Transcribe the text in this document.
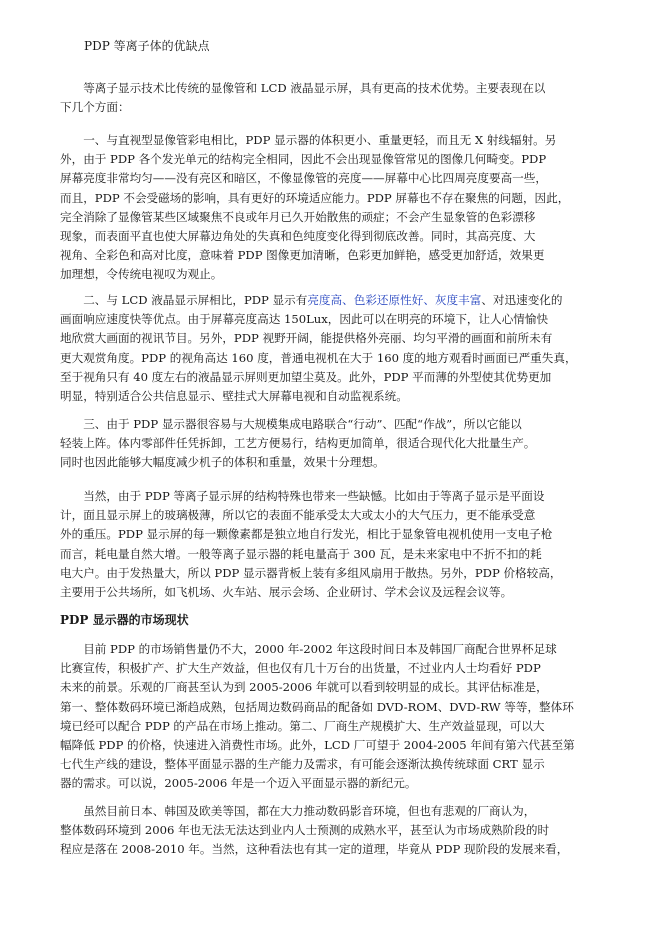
PDP 等离子体的优缺点
　　等离子显示技术比传统的显像管和 LCD 液晶显示屏，具有更高的技术优势。主要表现在以
下几个方面：
　　一、与直视型显像管彩电相比，PDP 显示器的体积更小、重量更轻，而且无 X 射线辐射。另
外，由于 PDP 各个发光单元的结构完全相同，因此不会出现显像管常见的图像几何畸变。PDP
屏幕亮度非常均匀——没有亮区和暗区，不像显像管的亮度——屏幕中心比四周亮度要高一些，
而且，PDP 不会受磁场的影响，具有更好的环境适应能力。PDP 屏幕也不存在聚焦的问题，因此，
完全消除了显像管某些区域聚焦不良或年月已久开始散焦的顽症；不会产生显象管的色彩漂移
现象，而表面平直也使大屏幕边角处的失真和色纯度变化得到彻底改善。同时，其高亮度、大
视角、全彩色和高对比度，意味着 PDP 图像更加清晰，色彩更加鲜艳，感受更加舒适，效果更
加理想，令传统电视叹为观止。
　　二、与 LCD 液晶显示屏相比，PDP 显示有亮度高、色彩还原性好、灰度丰富、对迅速变化的
画面响应速度快等优点。由于屏幕亮度高达 150Lux，因此可以在明亮的环境下，让人心情愉快
地欣赏大画面的视讯节目。另外，PDP 视野开阔，能提供格外亮丽、均匀平滑的画面和前所未有
更大观赏角度。PDP 的视角高达 160 度，普通电视机在大于 160 度的地方观看时画面已严重失真，
至于视角只有 40 度左右的液晶显示屏则更加望尘莫及。此外，PDP 平而薄的外型使其优势更加
明显，特别适合公共信息显示、壁挂式大屏幕电视和自动监视系统。
　　三、由于 PDP 显示器很容易与大规模集成电路联合“行动”、匹配“作战”，所以它能以
轻装上阵。体内零部件任凭拆卸，工艺方便易行，结构更加简单，很适合现代化大批量生产。
同时也因此能够大幅度减少机子的体积和重量，效果十分理想。
　　当然，由于 PDP 等离子显示屏的结构特殊也带来一些缺憾。比如由于等离子显示是平面设
计，面且显示屏上的玻璃极薄，所以它的表面不能承受太大或太小的大气压力，更不能承受意
外的重压。PDP 显示屏的每一颗像素都是独立地自行发光，相比于显象管电视机使用一支电子枪
而言，耗电量自然大增。一般等离子显示器的耗电量高于 300 瓦，是未来家电中不折不扣的耗
电大户。由于发热量大，所以 PDP 显示器背板上装有多组风扇用于散热。另外，PDP 价格较高，
主要用于公共场所，如飞机场、火车站、展示会场、企业研讨、学术会议及远程会议等。
PDP 显示器的市场现状
　　目前 PDP 的市场销售量仍不大，2000 年-2002 年这段时间日本及韩国厂商配合世界杯足球
比赛宣传，积极扩产、扩大生产效益，但也仅有几十万台的出货量，不过业内人士均看好 PDP
未来的前景。乐观的厂商甚至认为到 2005-2006 年就可以看到较明显的成长。其评估标准是，
第一、整体数码环境已渐趋成熟，包括周边数码商品的配备如 DVD-ROM、DVD-RW 等等，整体环
境已经可以配合 PDP 的产品在市场上推动。第二、厂商生产规模扩大、生产效益显现，可以大
幅降低 PDP 的价格，快速进入消费性市场。此外，LCD 厂可望于 2004-2005 年间有第六代甚至第
七代生产线的建设，整体平面显示器的生产能力及需求，有可能会逐渐汰换传统球面 CRT 显示
器的需求。可以说，2005-2006 年是一个迈入平面显示器的新纪元。
　　虽然目前日本、韩国及欧美等国，都在大力推动数码影音环境，但也有悲观的厂商认为，
整体数码环境到 2006 年也无法无法达到业内人士预测的成熟水平，甚至认为市场成熟阶段的时
程应是落在 2008-2010 年。当然，这种看法也有其一定的道理，毕竟从 PDP 现阶段的发展来看，
